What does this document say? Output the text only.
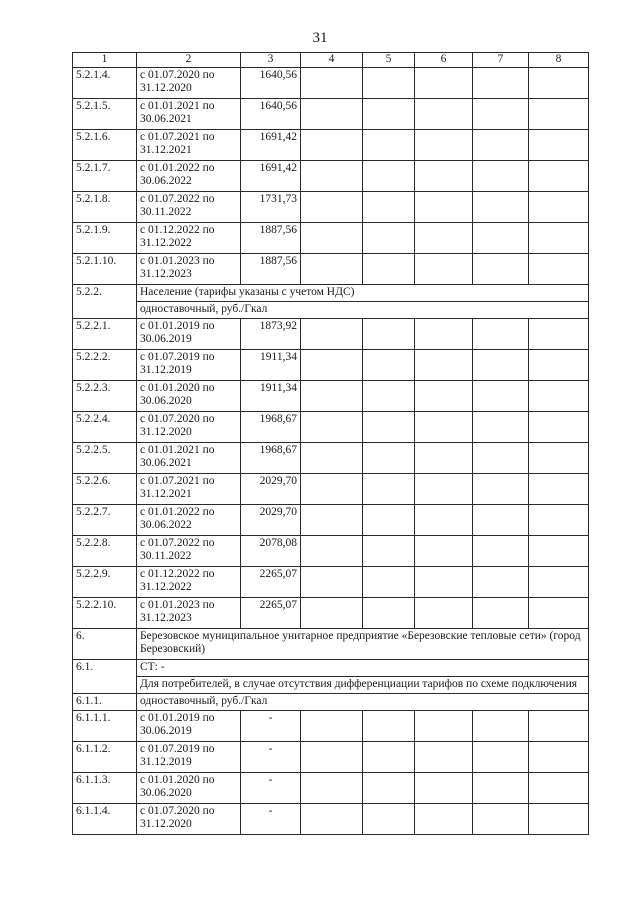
31
1	2	3	4	5	6	7	8
5.2.1.4.	с 01.07.2020 по 31.12.2020	1640,56					
5.2.1.5.	с 01.01.2021 по 30.06.2021	1640,56					
5.2.1.6.	с 01.07.2021 по 31.12.2021	1691,42					
5.2.1.7.	с 01.01.2022 по 30.06.2022	1691,42					
5.2.1.8.	с 01.07.2022 по 30.11.2022	1731,73					
5.2.1.9.	с 01.12.2022 по 31.12.2022	1887,56					
5.2.1.10.	с 01.01.2023 по 31.12.2023	1887,56					
5.2.2.	Население (тарифы указаны с учетом НДС)						
	одноставочный, руб./Гкал						
5.2.2.1.	с 01.01.2019 по 30.06.2019	1873,92					
5.2.2.2.	с 01.07.2019 по 31.12.2019	1911,34					
5.2.2.3.	с 01.01.2020 по 30.06.2020	1911,34					
5.2.2.4.	с 01.07.2020 по 31.12.2020	1968,67					
5.2.2.5.	с 01.01.2021 по 30.06.2021	1968,67					
5.2.2.6.	с 01.07.2021 по 31.12.2021	2029,70					
5.2.2.7.	с 01.01.2022 по 30.06.2022	2029,70					
5.2.2.8.	с 01.07.2022 по 30.11.2022	2078,08					
5.2.2.9.	с 01.12.2022 по 31.12.2022	2265,07					
5.2.2.10.	с 01.01.2023 по 31.12.2023	2265,07					
6.	Березовское муниципальное унитарное предприятие «Березовские тепловые сети» (город Березовский)						
6.1.	СТ: -						
	Для потребителей, в случае отсутствия дифференциации тарифов по схеме подключения						
6.1.1.	одноставочный, руб./Гкал						
6.1.1.1.	с 01.01.2019 по 30.06.2019	-					
6.1.1.2.	с 01.07.2019 по 31.12.2019	-					
6.1.1.3.	с 01.01.2020 по 30.06.2020	-					
6.1.1.4.	с 01.07.2020 по 31.12.2020	-					
